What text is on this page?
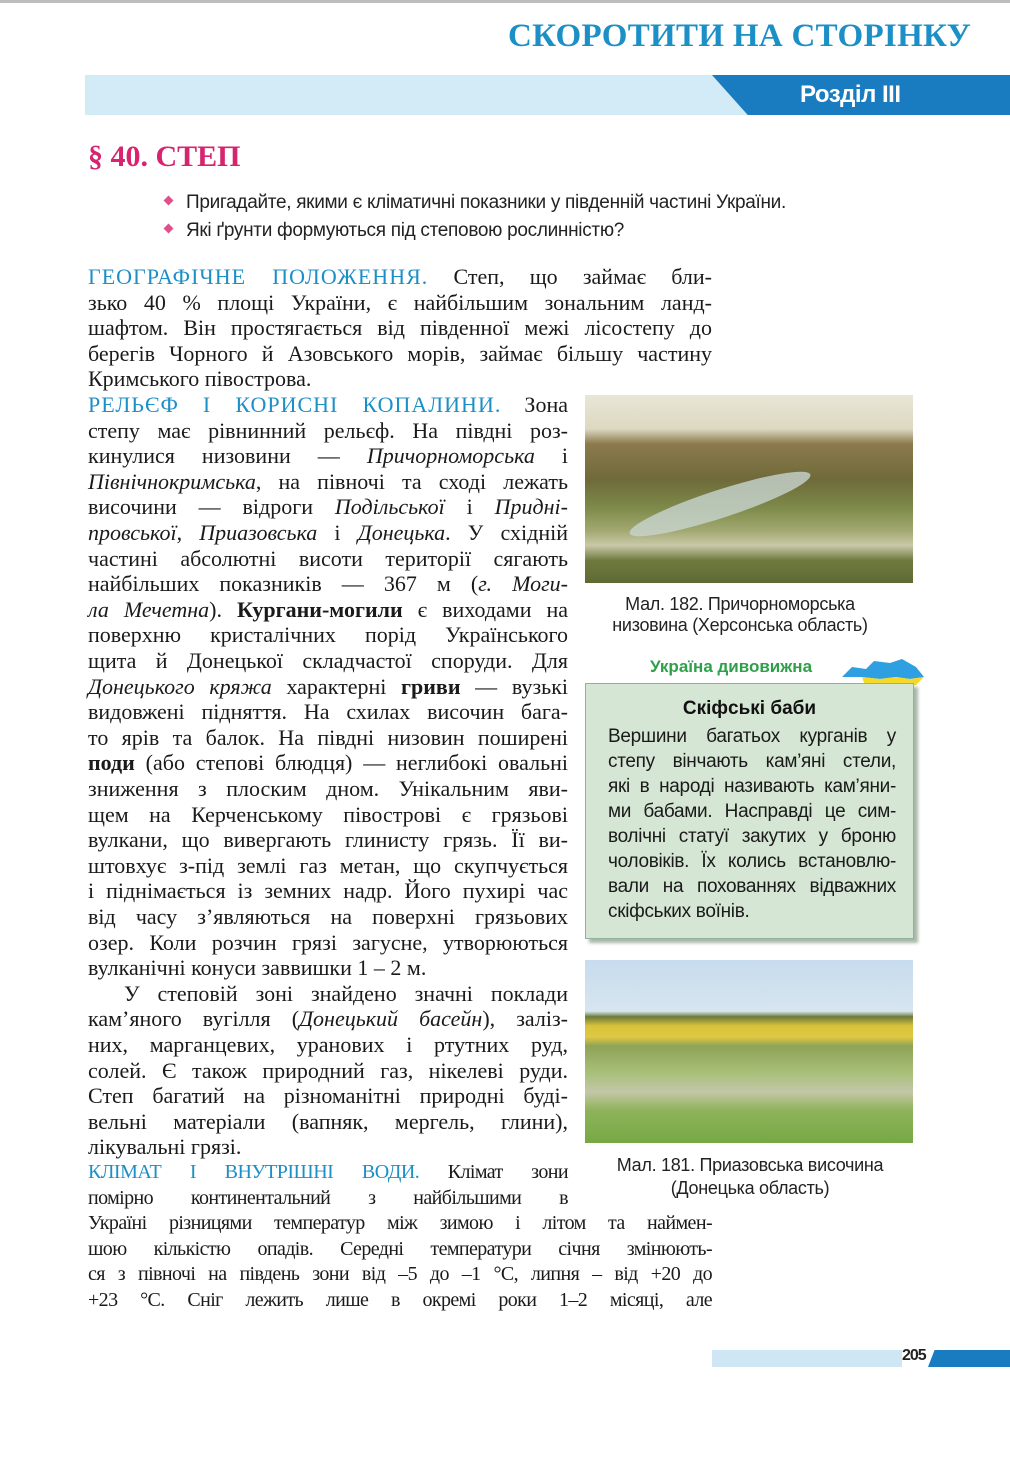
СКОРОТИТИ НА СТОРІНКУ
Розділ III
§ 40. СТЕП
Пригадайте, якими є кліматичні показники у південній частині України.
Які ґрунти формуються під степовою рослинністю?
ГЕОГРАФІЧНЕ ПОЛОЖЕННЯ. Степ, що займає бли-
зько 40 % площі України, є найбільшим зональним ланд-
шафтом. Він простягається від південної межі лісостепу до
берегів Чорного й Азовського морів, займає більшу частину
Кримського півострова.
РЕЛЬЄФ І КОРИСНІ КОПАЛИНИ. Зона
степу має рівнинний рельєф. На півдні роз-
кинулися низовини — Причорноморська і
Північнокримська, на півночі та сході лежать
височини — відроги Подільської і Придні-
провської, Приазовська і Донецька. У східній
частині абсолютні висоти території сягають
найбільших показників — 367 м (г. Моги-
ла Мечетна). Кургани-могили є виходами на
поверхню кристалічних порід Українського
щита й Донецької складчастої споруди. Для
Донецького кряжа характерні гриви — вузькі
видовжені підняття. На схилах височин бага-
то ярів та балок. На півдні низовин поширені
поди (або степові блюдця) — неглибокі овальні
зниження з плоским дном. Унікальним яви-
щем на Керченському півострові є грязьові
вулкани, що вивергають глинисту грязь. Її ви-
штовхує з-під землі газ метан, що скупчується
і піднімається із земних надр. Його пухирі час
від часу з’являються на поверхні грязьових
озер. Коли розчин грязі загусне, утворюються
вулканічні конуси заввишки 1 – 2 м.
У степовій зоні знайдено значні поклади
кам’яного вугілля (Донецький басейн), заліз-
них, марганцевих, уранових і ртутних руд,
солей. Є також природний газ, нікелеві руди.
Степ багатий на різноманітні природні буді-
вельні матеріали (вапняк, мергель, глини),
лікувальні грязі.
КЛІМАТ І ВНУТРІШНІ ВОДИ. Клімат зони
помірно континентальний з найбільшими в
Україні різницями температур між зимою і літом та наймен-
шою кількістю опадів. Середні температури січня змінюють-
ся з півночі на південь зони від –5 до –1 °С, липня – від +20 до
+23 °С. Сніг лежить лише в окремі роки 1–2 місяці, але
Мал. 182. Причорноморська
низовина (Херсонська область)
Україна дивовижна
Скіфські баби
Вершини багатьох курганів у
степу вінчають кам’яні стели,
які в народі називають кам’яни-
ми бабами. Насправді це сим-
волічні статуї закутих у броню
чоловіків. Їх колись встановлю-
вали на похованнях відважних
скіфських воїнів.
Мал. 181. Приазовська височина
(Донецька область)
205
